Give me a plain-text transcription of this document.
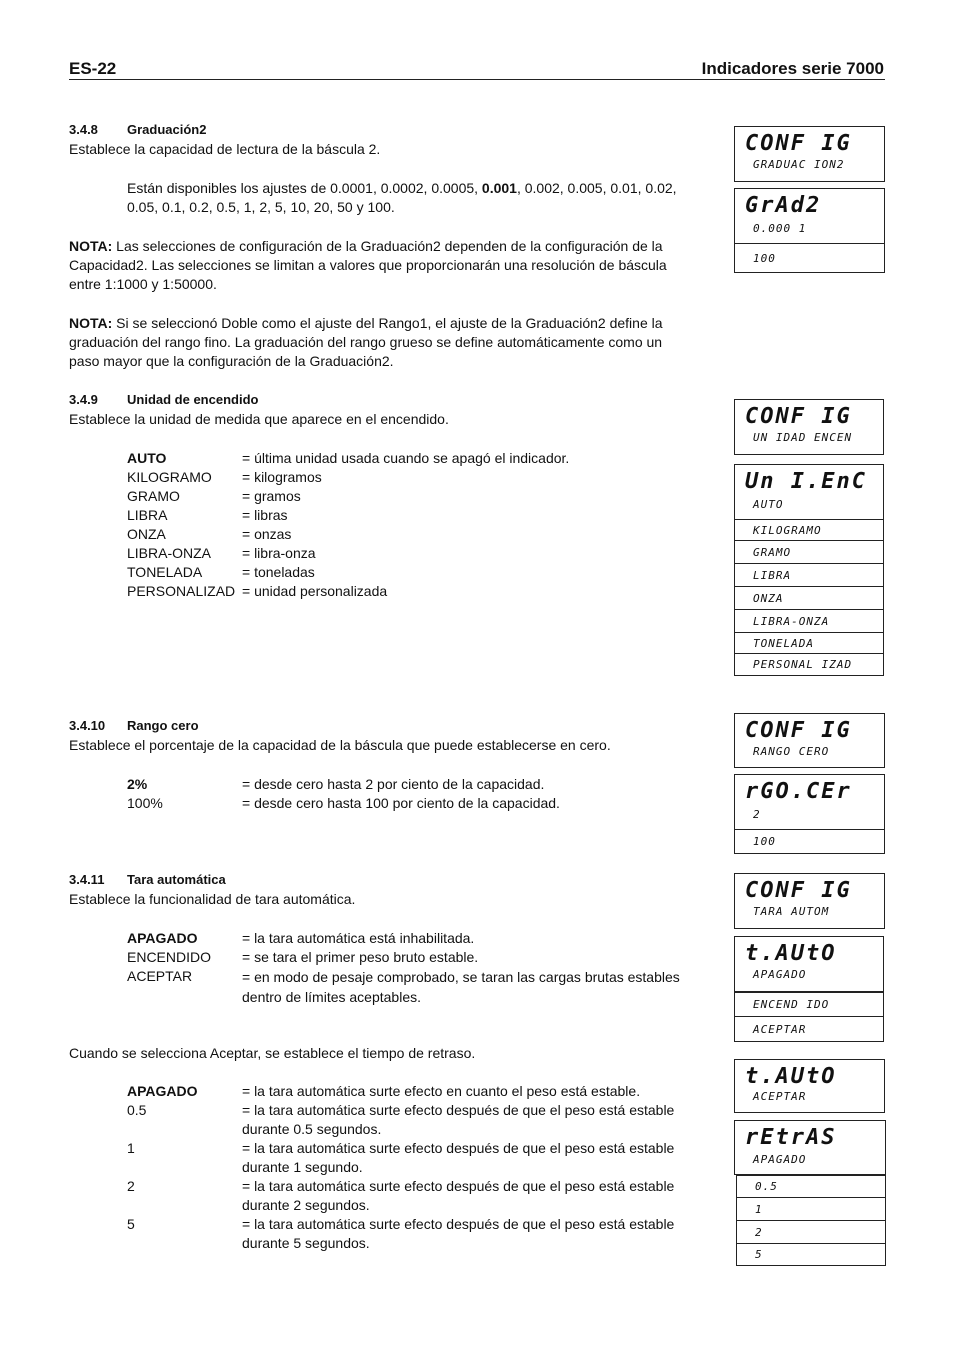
ES-22	Indicadores serie 7000
3.4.8 Graduación2
Establece la capacidad de lectura de la báscula 2.
Están disponibles los ajustes de 0.0001, 0.0002, 0.0005, 0.001, 0.002, 0.005, 0.01, 0.02, 0.05, 0.1, 0.2, 0.5, 1, 2, 5, 10, 20, 50 y 100.
NOTA: Las selecciones de configuración de la Graduación2 dependen de la configuración de la Capacidad2. Las selecciones se limitan a valores que proporcionarán una resolución de báscula entre 1:1000 y 1:50000.
NOTA: Si se seleccionó Doble como el ajuste del Rango1, el ajuste de la Graduación2 define la graduación del rango fino. La graduación del rango grueso se define automáticamente como un paso mayor que la configuración de la Graduación2.
CONF IG
GRADUAC ION2
GrAd2
0.000 1
100
3.4.9 Unidad de encendido
Establece la unidad de medida que aparece en el encendido.
AUTO	= última unidad usada cuando se apagó el indicador.
KILOGRAMO = kilogramos
GRAMO	= gramos
LIBRA	= libras
ONZA	= onzas
LIBRA-ONZA = libra-onza
TONELADA	= toneladas
PERSONALIZAD = unidad personalizada
CONF IG
UN IDAD ENCEN
Un I.EnC
AUTO
KILOGRAMO
GRAMO
LIBRA
ONZA
LIBRA-ONZA
TONELADA
PERSONAL IZAD
3.4.10 Rango cero
Establece el porcentaje de la capacidad de la báscula que puede establecerse en cero.
2%	= desde cero hasta 2 por ciento de la capacidad.
100%	= desde cero hasta 100 por ciento de la capacidad.
CONF IG
RANGO CERO
rGO.CEr
2
100
3.4.11 Tara automática
Establece la funcionalidad de tara automática.
APAGADO	= la tara automática está inhabilitada.
ENCENDIDO = se tara el primer peso bruto estable.
ACEPTAR	= en modo de pesaje comprobado, se taran las cargas brutas estables dentro de límites aceptables.
Cuando se selecciona Aceptar, se establece el tiempo de retraso.
APAGADO	= la tara automática surte efecto en cuanto el peso está estable.
0.5	= la tara automática surte efecto después de que el peso está estable durante 0.5 segundos.
1	= la tara automática surte efecto después de que el peso está estable durante 1 segundo.
2	= la tara automática surte efecto después de que el peso está estable durante 2 segundos.
5	= la tara automática surte efecto después de que el peso está estable durante 5 segundos.
CONF IG
TARA AUTOM
t.AUtO
APAGADO
ENCEND IDO
ACEPTAR
t.AUtO
ACEPTAR
rEtrAS
APAGADO
0.5
1
2
5
